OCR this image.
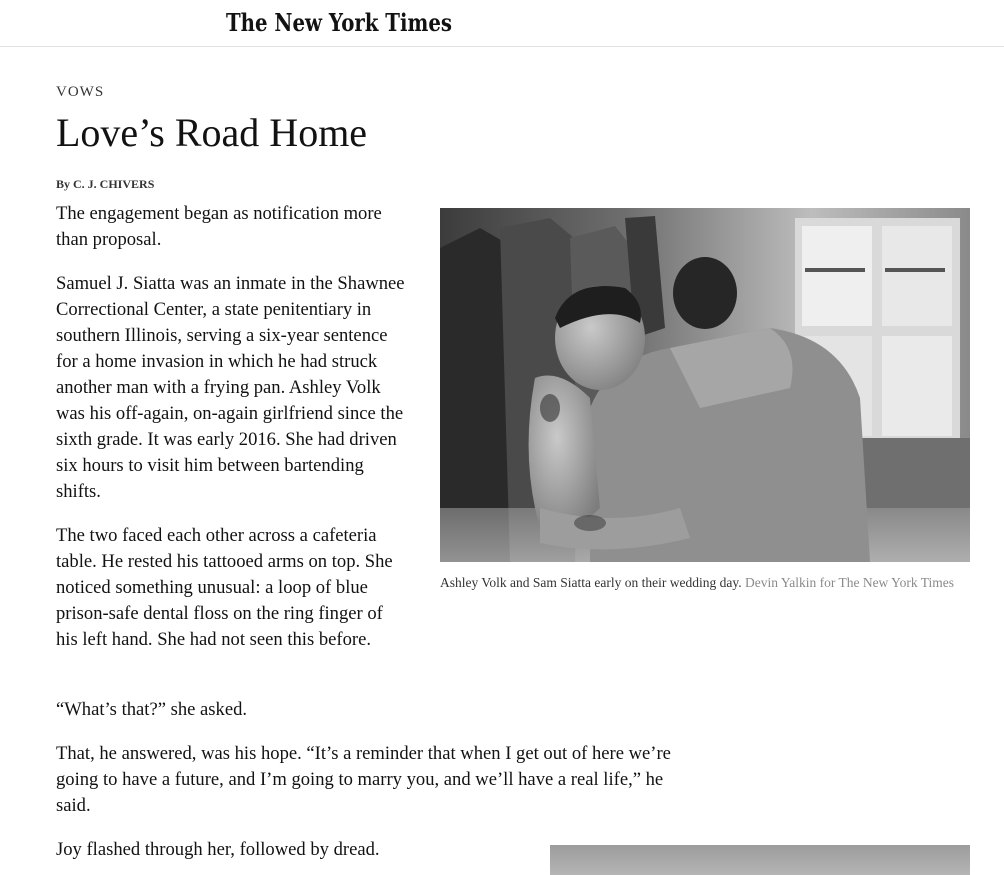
The New York Times
VOWS
Love’s Road Home
By C. J. CHIVERS

The engagement began as notification more than proposal.

Samuel J. Siatta was an inmate in the Shawnee Correctional Center, a state penitentiary in southern Illinois, serving a six-year sentence for a home invasion in which he had struck another man with a frying pan. Ashley Volk was his off-again, on-again girlfriend since the sixth grade. It was early 2016. She had driven six hours to visit him between bartending shifts.

The two faced each other across a cafeteria table. He rested his tattooed arms on top. She noticed something unusual: a loop of blue prison-safe dental floss on the ring finger of his left hand. She had not seen this before.

“What’s that?” she asked.

That, he answered, was his hope. “It’s a reminder that when I get out of here we’re going to have a future, and I’m going to marry you, and we’ll have a real life,” he said.

Joy flashed through her, followed by dread.

Ashley Volk and Sam Siatta early on their wedding day. Devin Yalkin for The New York Times
